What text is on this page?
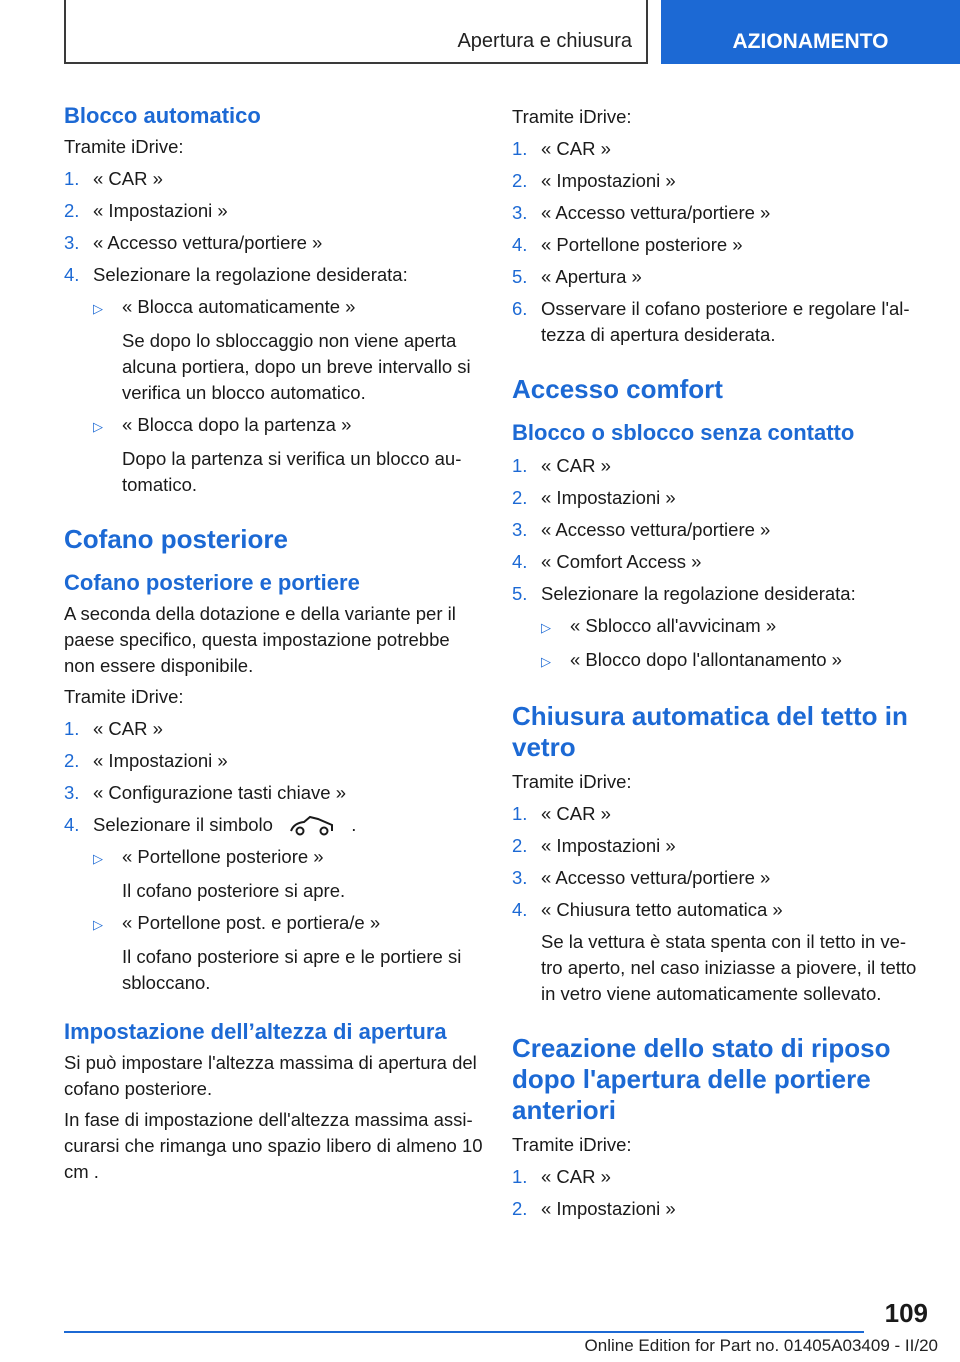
Apertura e chiusura	AZIONAMENTO
Blocco automatico
Tramite iDrive:
1. « CAR »
2. « Impostazioni »
3. « Accesso vettura/portiere »
4. Selezionare la regolazione desiderata:
▷	« Blocca automaticamente »
Se dopo lo sbloccaggio non viene aperta alcuna portiera, dopo un breve intervallo si verifica un blocco automatico.
▷	« Blocca dopo la partenza »
Dopo la partenza si verifica un blocco au‐ tomatico.
Cofano posteriore
Cofano posteriore e portiere
A seconda della dotazione e della variante per il paese specifico, questa impostazione potrebbe non essere disponibile.
Tramite iDrive:
1. « CAR »
2. « Impostazioni »
3. « Configurazione tasti chiave »
4. Selezionare il simbolo	.
▷	« Portellone posteriore »
Il cofano posteriore si apre.
▷	« Portellone post. e portiera/e »
Il cofano posteriore si apre e le portiere si sbloccano.
Impostazione dell’altezza di apertura
Si può impostare l'altezza massima di apertura del cofano posteriore.
In fase di impostazione dell'altezza massima assi‐ curarsi che rimanga uno spazio libero di almeno 10 cm .
Tramite iDrive:
1. « CAR »
2. « Impostazioni »
3. « Accesso vettura/portiere »
4. « Portellone posteriore »
5. « Apertura »
6. Osservare il cofano posteriore e regolare l'al‐ tezza di apertura desiderata.
Accesso comfort
Blocco o sblocco senza contatto
1. « CAR »
2. « Impostazioni »
3. « Accesso vettura/portiere »
4. « Comfort Access »
5. Selezionare la regolazione desiderata:
▷	« Sblocco all'avvicinam »
▷	« Blocco dopo l'allontanamento »
Chiusura automatica del tetto in vetro
Tramite iDrive:
1. « CAR »
2. « Impostazioni »
3. « Accesso vettura/portiere »
4. « Chiusura tetto automatica »
Se la vettura è stata spenta con il tetto in ve‐ tro aperto, nel caso iniziasse a piovere, il tetto in vetro viene automaticamente sollevato.
Creazione dello stato di riposo dopo l'apertura delle portiere anteriori
Tramite iDrive:
1. « CAR »
2. « Impostazioni »
109
Online Edition for Part no. 01405A03409 - II/20
